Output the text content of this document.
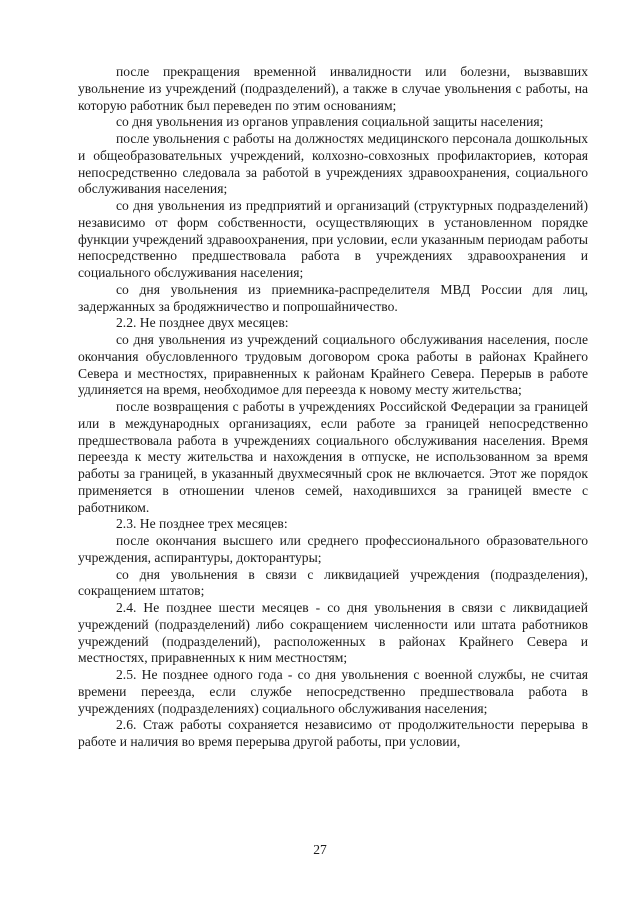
после прекращения временной инвалидности или болезни, вызвавших увольнение из учреждений (подразделений), а также в случае увольнения с работы, на которую работник был переведен по этим основаниям;

со дня увольнения из органов управления социальной защиты населения;

после увольнения с работы на должностях медицинского персонала дошкольных и общеобразовательных учреждений, колхозно-совхозных профилакториев, которая непосредственно следовала за работой в учреждениях здравоохранения, социального обслуживания населения;

со дня увольнения из предприятий и организаций (структурных подразделений) независимо от форм собственности, осуществляющих в установленном порядке функции учреждений здравоохранения, при условии, если указанным периодам работы непосредственно предшествовала работа в учреждениях здравоохранения и социального обслуживания населения;

со дня увольнения из приемника-распределителя МВД России для лиц, задержанных за бродяжничество и попрошайничество.

2.2. Не позднее двух месяцев:

со дня увольнения из учреждений социального обслуживания населения, после окончания обусловленного трудовым договором срока работы в районах Крайнего Севера и местностях, приравненных к районам Крайнего Севера. Перерыв в работе удлиняется на время, необходимое для переезда к новому месту жительства;

после возвращения с работы в учреждениях Российской Федерации за границей или в международных организациях, если работе за границей непосредственно предшествовала работа в учреждениях социального обслуживания населения. Время переезда к месту жительства и нахождения в отпуске, не использованном за время работы за границей, в указанный двухмесячный срок не включается. Этот же порядок применяется в отношении членов семей, находившихся за границей вместе с работником.

2.3. Не позднее трех месяцев:

после окончания высшего или среднего профессионального образовательного учреждения, аспирантуры, докторантуры;

со дня увольнения в связи с ликвидацией учреждения (подразделения), сокращением штатов;

2.4. Не позднее шести месяцев - со дня увольнения в связи с ликвидацией учреждений (подразделений) либо сокращением численности или штата работников учреждений (подразделений), расположенных в районах Крайнего Севера и местностях, приравненных к ним местностям;

2.5. Не позднее одного года - со дня увольнения с военной службы, не считая времени переезда, если службе непосредственно предшествовала работа в учреждениях (подразделениях) социального обслуживания населения;

2.6. Стаж работы сохраняется независимо от продолжительности перерыва в работе и наличия во время перерыва другой работы, при условии,

27
